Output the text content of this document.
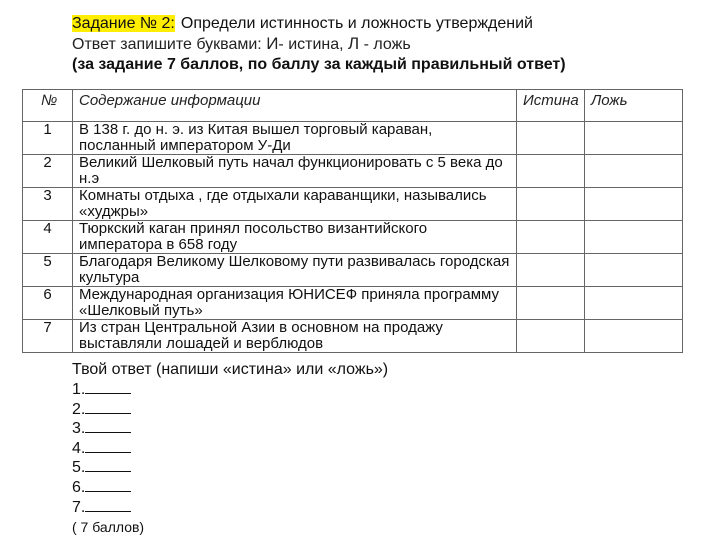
Задание № 2: Определи истинность и ложность утверждений
Ответ запишите буквами: И- истина, Л - ложь
(за задание 7 баллов, по баллу за каждый правильный ответ)
№	Содержание информации	Истина	Ложь
1	В 138 г. до н. э. из Китая вышел торговый караван, посланный императором У-Ди		
2	Великий Шелковый путь начал функционировать с 5 века до н.э		
3	Комнаты отдыха , где отдыхали караванщики, назывались «худжры»		
4	Тюркский каган принял посольство византийского императора в 658 году		
5	Благодаря Великому Шелковому пути развивалась городская культура		
6	Международная организация ЮНИСЕФ приняла программу «Шелковый путь»		
7	Из стран Центральной Азии в основном на продажу выставляли лошадей и верблюдов		
Твой ответ (напиши «истина» или «ложь»)
1.
2.
3.
4.
5.
6.
7.
( 7 баллов)
